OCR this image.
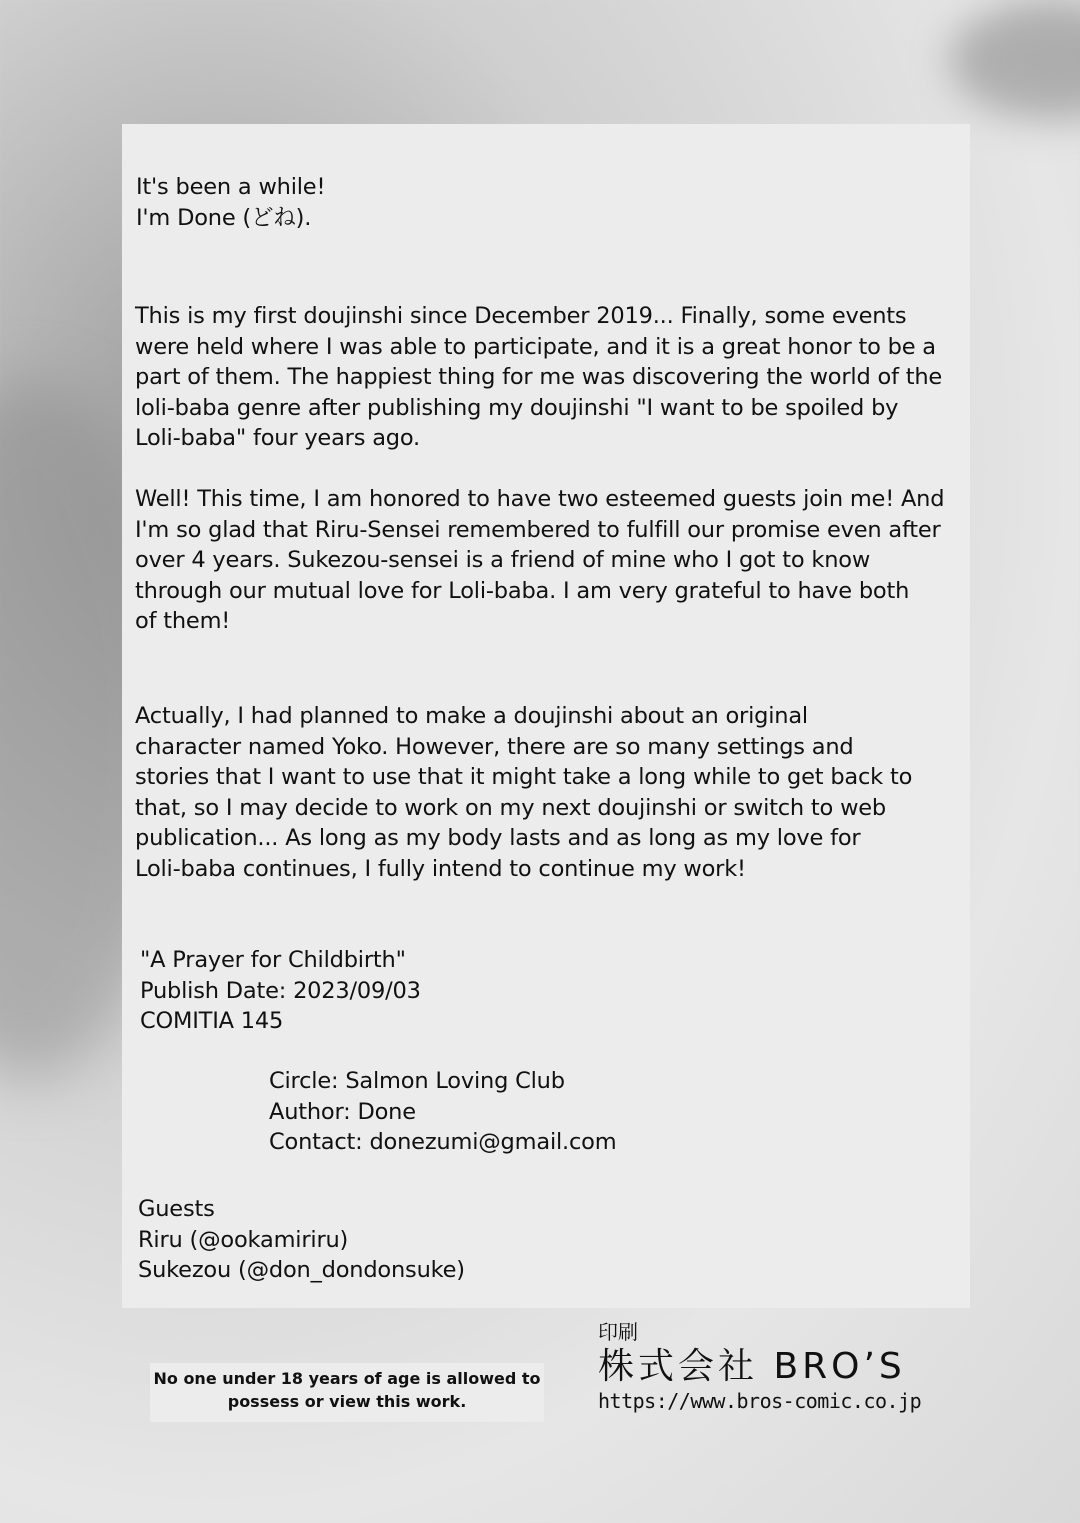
It's been a while!
I'm Done (どね).
This is my first doujinshi since December 2019... Finally, some events
were held where I was able to participate, and it is a great honor to be a
part of them. The happiest thing for me was discovering the world of the
loli-baba genre after publishing my doujinshi "I want to be spoiled by
Loli-baba" four years ago.
Well! This time, I am honored to have two esteemed guests join me! And
I'm so glad that Riru-Sensei remembered to fulfill our promise even after
over 4 years. Sukezou-sensei is a friend of mine who I got to know
through our mutual love for Loli-baba. I am very grateful to have both
of them!
Actually, I had planned to make a doujinshi about an original
character named Yoko. However, there are so many settings and
stories that I want to use that it might take a long while to get back to
that, so I may decide to work on my next doujinshi or switch to web
publication... As long as my body lasts and as long as my love for
Loli-baba continues, I fully intend to continue my work!
"A Prayer for Childbirth"
Publish Date: 2023/09/03
COMITIA 145
Circle: Salmon Loving Club
Author: Done
Contact: donezumi@gmail.com
Guests
Riru (@ookamiriru)
Sukezou (@don_dondonsuke)
No one under 18 years of age is allowed to
possess or view this work.
印刷
株式会社 BRO’S
https://www.bros-comic.co.jp
